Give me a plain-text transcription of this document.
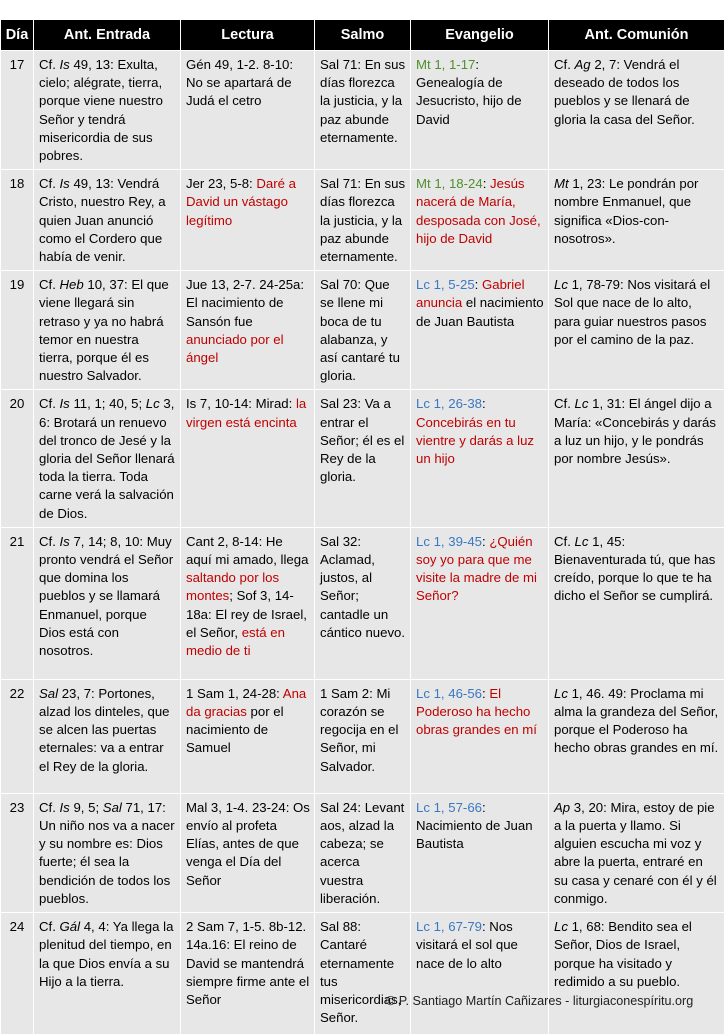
Día	Ant. Entrada	Lectura	Salmo	Evangelio	Ant. Comunión
17	Cf. Is 49, 13: Exulta, cielo; alégrate, tierra, porque viene nuestro Señor y tendrá misericordia de sus pobres.	Gén 49, 1-2. 8-10: No se apartará de Judá el cetro	Sal 71: En sus días florezca la justicia, y la paz abunde eternamente.	Mt 1, 1-17: Genealogía de Jesucristo, hijo de David	Cf. Ag 2, 7: Vendrá el deseado de todos los pueblos y se llenará de gloria la casa del Señor.
18	Cf. Is 49, 13: Vendrá Cristo, nuestro Rey, a quien Juan anunció como el Cordero que había de venir.	Jer 23, 5-8: Daré a David un vástago legítimo	Sal 71: En sus días florezca la justicia, y la paz abunde eternamente.	Mt 1, 18-24: Jesús nacerá de María, desposada con José, hijo de David	Mt 1, 23: Le pondrán por nombre Enmanuel, que significa «Dios-con-nosotros».
19	Cf. Heb 10, 37: El que viene llegará sin retraso y ya no habrá temor en nuestra tierra, porque él es nuestro Salvador.	Jue 13, 2-7. 24-25a: El nacimiento de Sansón fue anunciado por el ángel	Sal 70: Que se llene mi boca de tu alabanza, y así cantaré tu gloria.	Lc 1, 5-25: Gabriel anuncia el nacimiento de Juan Bautista	Lc 1, 78-79: Nos visitará el Sol que nace de lo alto, para guiar nuestros pasos por el camino de la paz.
20	Cf. Is 11, 1; 40, 5; Lc 3, 6: Brotará un renuevo del tronco de Jesé y la gloria del Señor llenará toda la tierra. Toda carne verá la salvación de Dios.	Is 7, 10-14: Mirad: la virgen está encinta	Sal 23: Va a entrar el Señor; él es el Rey de la gloria.	Lc 1, 26-38: Concebirás en tu vientre y darás a luz un hijo	Cf. Lc 1, 31: El ángel dijo a María: «Concebirás y darás a luz un hijo, y le pondrás por nombre Jesús».
21	Cf. Is 7, 14; 8, 10: Muy pronto vendrá el Señor que domina los pueblos y se llamará Enmanuel, porque Dios está con nosotros.	Cant 2, 8-14: He aquí mi amado, llega saltando por los montes; Sof 3, 14-18a: El rey de Israel, el Señor, está en medio de ti	Sal 32: Aclamad, justos, al Señor; cantadle un cántico nuevo.	Lc 1, 39-45: ¿Quién soy yo para que me visite la madre de mi Señor?	Cf. Lc 1, 45: Bienaventurada tú, que has creído, porque lo que te ha dicho el Señor se cumplirá.
22	Sal 23, 7: Portones, alzad los dinteles, que se alcen las puertas eternales: va a entrar el Rey de la gloria.	1 Sam 1, 24-28: Ana da gracias por el nacimiento de Samuel	1 Sam 2: Mi corazón se regocija en el Señor, mi Salvador.	Lc 1, 46-56: El Poderoso ha hecho obras grandes en mí	Lc 1, 46. 49: Proclama mi alma la grandeza del Señor, porque el Poderoso ha hecho obras grandes en mí.
23	Cf. Is 9, 5; Sal 71, 17: Un niño nos va a nacer y su nombre es: Dios fuerte; él sea la bendición de todos los pueblos.	Mal 3, 1-4. 23-24: Os envío al profeta Elías, antes de que venga el Día del Señor	Sal 24: Levant aos, alzad la cabeza; se acerca vuestra liberación.	Lc 1, 57-66: Nacimiento de Juan Bautista	Ap 3, 20: Mira, estoy de pie a la puerta y llamo. Si alguien escucha mi voz y abre la puerta, entraré en su casa y cenaré con él y él conmigo.
24	Cf. Gál 4, 4: Ya llega la plenitud del tiempo, en la que Dios envía a su Hijo a la tierra.	2 Sam 7, 1-5. 8b-12. 14a.16: El reino de David se mantendrá siempre firme ante el Señor	Sal 88: Cantaré eternamente tus misericordias, Señor.	Lc 1, 67-79: Nos visitará el sol que nace de lo alto	Lc 1, 68: Bendito sea el Señor, Dios de Israel, porque ha visitado y redimido a su pueblo.
© P. Santiago Martín Cañizares - liturgiaconespíritu.org
